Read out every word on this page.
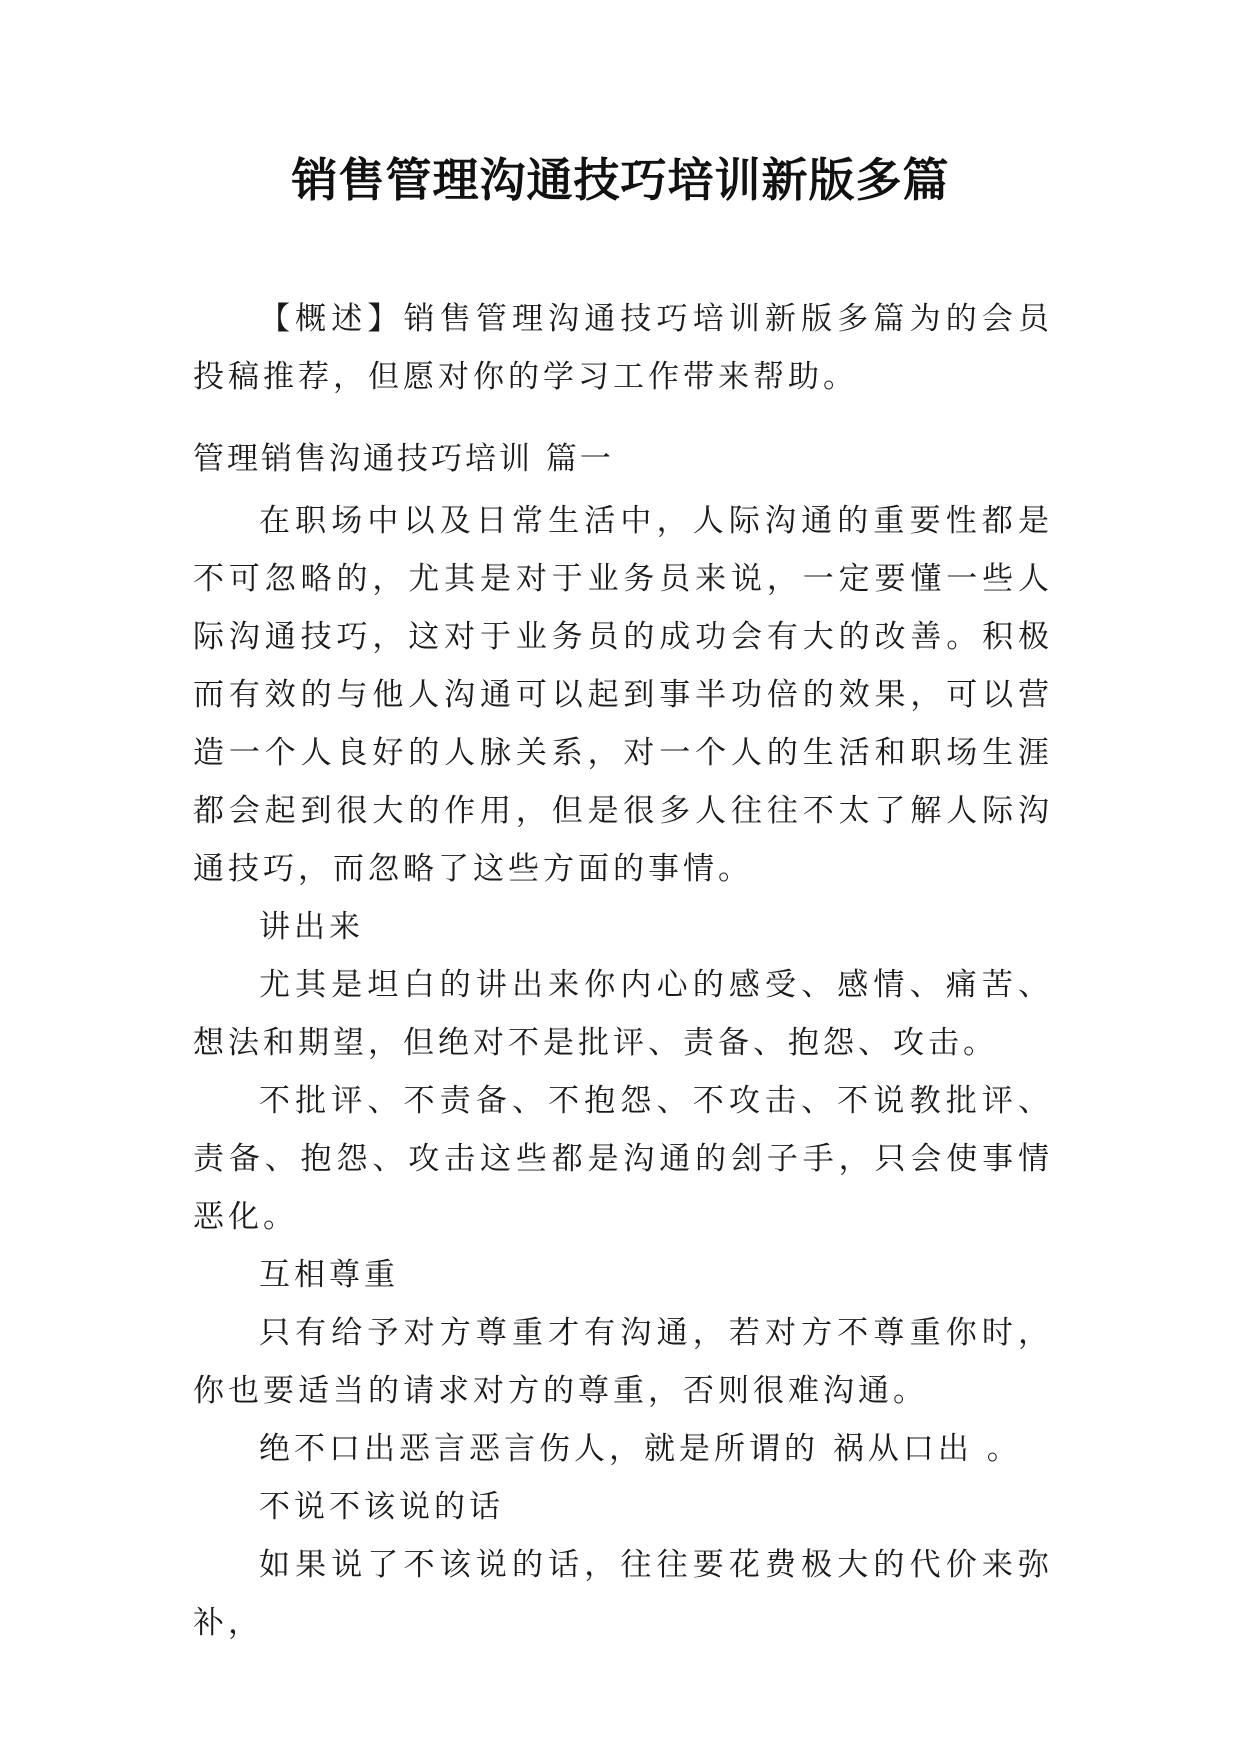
销售管理沟通技巧培训新版多篇

【概述】销售管理沟通技巧培训新版多篇为的会员投稿推荐，但愿对你的学习工作带来帮助。

管理销售沟通技巧培训 篇一

在职场中以及日常生活中，人际沟通的重要性都是不可忽略的，尤其是对于业务员来说，一定要懂一些人际沟通技巧，这对于业务员的成功会有大的改善。积极而有效的与他人沟通可以起到事半功倍的效果，可以营造一个人良好的人脉关系，对一个人的生活和职场生涯都会起到很大的作用，但是很多人往往不太了解人际沟通技巧，而忽略了这些方面的事情。

讲出来

尤其是坦白的讲出来你内心的感受、感情、痛苦、想法和期望，但绝对不是批评、责备、抱怨、攻击。

不批评、不责备、不抱怨、不攻击、不说教批评、责备、抱怨、攻击这些都是沟通的刽子手，只会使事情恶化。

互相尊重

只有给予对方尊重才有沟通，若对方不尊重你时，你也要适当的请求对方的尊重，否则很难沟通。

绝不口出恶言恶言伤人，就是所谓的 祸从口出 。

不说不该说的话

如果说了不该说的话，往往要花费极大的代价来弥补，
